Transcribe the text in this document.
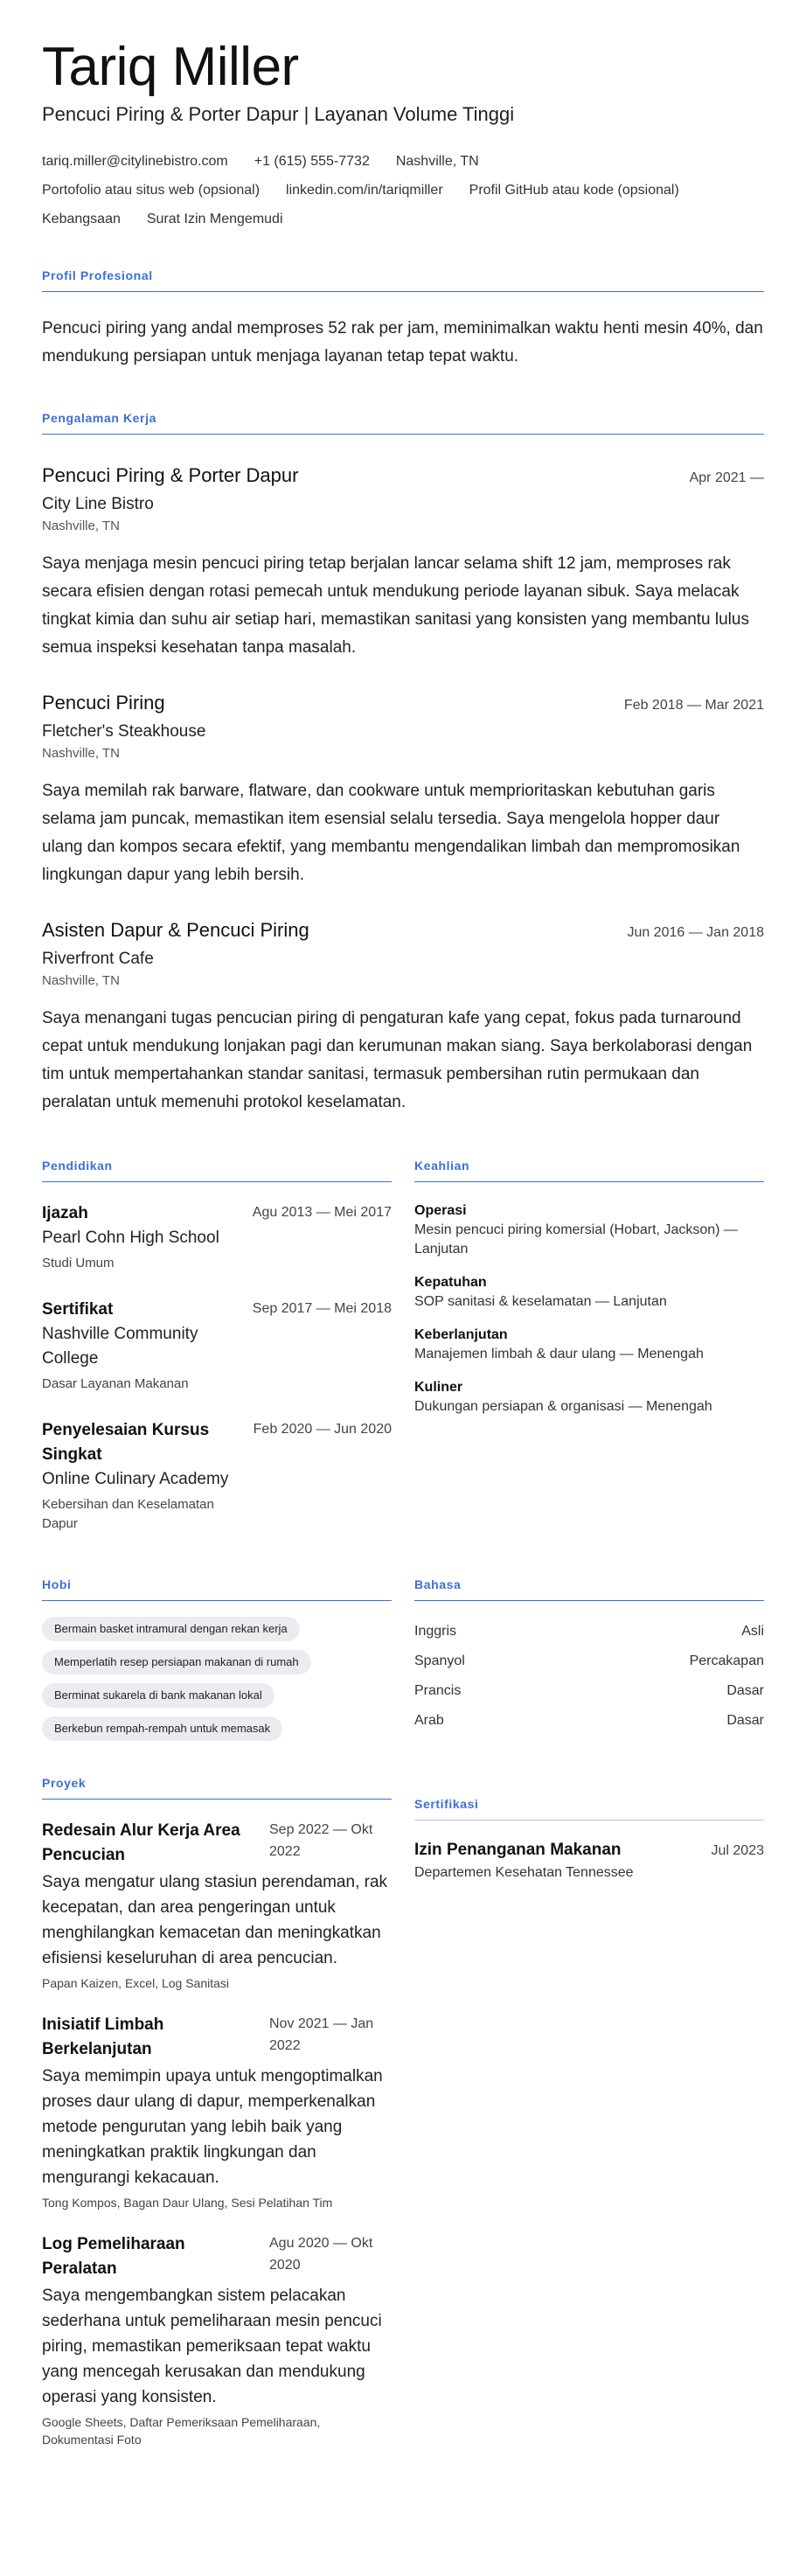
Tariq Miller
Pencuci Piring & Porter Dapur | Layanan Volume Tinggi
tariq.miller@citylinebistro.com +1 (615) 555-7732 Nashville, TN
Portofolio atau situs web (opsional) linkedin.com/in/tariqmiller Profil GitHub atau kode (opsional)
Kebangsaan Surat Izin Mengemudi
Profil Profesional
Pencuci piring yang andal memproses 52 rak per jam, meminimalkan waktu henti mesin 40%, dan mendukung persiapan untuk menjaga layanan tetap tepat waktu.
Pengalaman Kerja
Pencuci Piring & Porter Dapur	Apr 2021 —
City Line Bistro
Nashville, TN
Saya menjaga mesin pencuci piring tetap berjalan lancar selama shift 12 jam, memproses rak secara efisien dengan rotasi pemecah untuk mendukung periode layanan sibuk. Saya melacak tingkat kimia dan suhu air setiap hari, memastikan sanitasi yang konsisten yang membantu lulus semua inspeksi kesehatan tanpa masalah.
Pencuci Piring	Feb 2018 — Mar 2021
Fletcher's Steakhouse
Nashville, TN
Saya memilah rak barware, flatware, dan cookware untuk memprioritaskan kebutuhan garis selama jam puncak, memastikan item esensial selalu tersedia. Saya mengelola hopper daur ulang dan kompos secara efektif, yang membantu mengendalikan limbah dan mempromosikan lingkungan dapur yang lebih bersih.
Asisten Dapur & Pencuci Piring	Jun 2016 — Jan 2018
Riverfront Cafe
Nashville, TN
Saya menangani tugas pencucian piring di pengaturan kafe yang cepat, fokus pada turnaround cepat untuk mendukung lonjakan pagi dan kerumunan makan siang. Saya berkolaborasi dengan tim untuk mempertahankan standar sanitasi, termasuk pembersihan rutin permukaan dan peralatan untuk memenuhi protokol keselamatan.
Pendidikan
Ijazah	Agu 2013 — Mei 2017
Pearl Cohn High School
Studi Umum
Sertifikat	Sep 2017 — Mei 2018
Nashville Community College
Dasar Layanan Makanan
Penyelesaian Kursus Singkat
Feb 2020 — Jun 2020
Online Culinary Academy
Kebersihan dan Keselamatan Dapur
Keahlian
Operasi
Mesin pencuci piring komersial (Hobart, Jackson) — Lanjutan
Kepatuhan
SOP sanitasi & keselamatan — Lanjutan
Keberlanjutan
Manajemen limbah & daur ulang — Menengah
Kuliner
Dukungan persiapan & organisasi — Menengah
Hobi
Bermain basket intramural dengan rekan kerja
Memperlatih resep persiapan makanan di rumah
Berminat sukarela di bank makanan lokal
Berkebun rempah-rempah untuk memasak
Proyek
Redesain Alur Kerja Area Pencucian
Sep 2022 — Okt 2022
Saya mengatur ulang stasiun perendaman, rak kecepatan, dan area pengeringan untuk menghilangkan kemacetan dan meningkatkan efisiensi keseluruhan di area pencucian.
Papan Kaizen, Excel, Log Sanitasi
Inisiatif Limbah Berkelanjutan
Nov 2021 — Jan 2022
Saya memimpin upaya untuk mengoptimalkan proses daur ulang di dapur, memperkenalkan metode pengurutan yang lebih baik yang meningkatkan praktik lingkungan dan mengurangi kekacauan.
Tong Kompos, Bagan Daur Ulang, Sesi Pelatihan Tim
Log Pemeliharaan Peralatan
Agu 2020 — Okt 2020
Saya mengembangkan sistem pelacakan sederhana untuk pemeliharaan mesin pencuci piring, memastikan pemeriksaan tepat waktu yang mencegah kerusakan dan mendukung operasi yang konsisten.
Google Sheets, Daftar Pemeriksaan Pemeliharaan, Dokumentasi Foto
Bahasa
Inggris	Asli
Spanyol	Percakapan
Prancis	Dasar
Arab	Dasar
Sertifikasi
Izin Penanganan Makanan	Jul 2023
Departemen Kesehatan Tennessee
